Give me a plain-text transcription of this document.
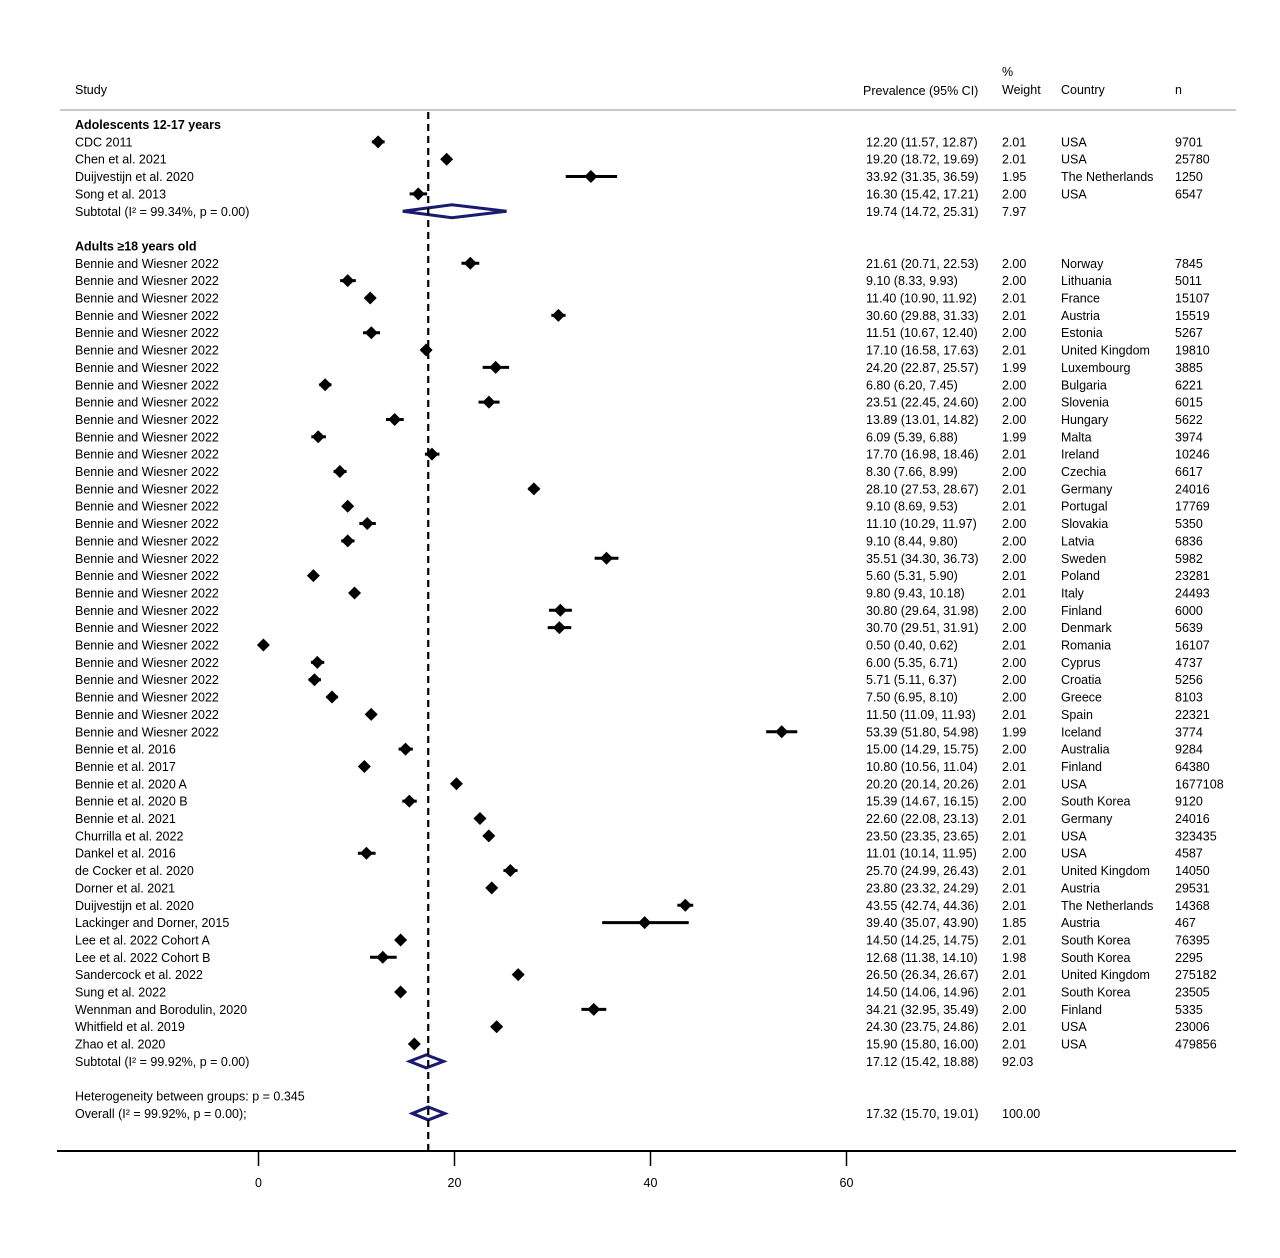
Study	Prevalence (95% CI)
%
Weight Country	n
Adolescents 12-17 years
CDC 2011	12.20 (11.57, 12.87) 2.01	USA	9701
Chen et al. 2021	19.20 (18.72, 19.69) 2.01	USA	25780
Duijvestijn et al. 2020	33.92 (31.35, 36.59) 1.95	The Netherlands 1250
Song et al. 2013	16.30 (15.42, 17.21) 2.00	USA	6547
Subtotal (I² = 99.34%, p = 0.00)	19.74 (14.72, 25.31) 7.97
Adults ≥18 years old
Bennie and Wiesner 2022	21.61 (20.71, 22.53) 2.00	Norway	7845
Bennie and Wiesner 2022	9.10 (8.33, 9.93)	2.00	Lithuania	5011
Bennie and Wiesner 2022	11.40 (10.90, 11.92) 2.01	France	15107
Bennie and Wiesner 2022	30.60 (29.88, 31.33) 2.01	Austria	15519
Bennie and Wiesner 2022	11.51 (10.67, 12.40) 2.00	Estonia	5267
Bennie and Wiesner 2022	17.10 (16.58, 17.63) 2.01	United Kingdom 19810
Bennie and Wiesner 2022	24.20 (22.87, 25.57) 1.99	Luxembourg	3885
Bennie and Wiesner 2022	6.80 (6.20, 7.45)	2.00	Bulgaria	6221
Bennie and Wiesner 2022	23.51 (22.45, 24.60) 2.00	Slovenia	6015
Bennie and Wiesner 2022	13.89 (13.01, 14.82) 2.00	Hungary	5622
Bennie and Wiesner 2022	6.09 (5.39, 6.88)	1.99	Malta	3974
Bennie and Wiesner 2022	17.70 (16.98, 18.46) 2.01	Ireland	10246
Bennie and Wiesner 2022	8.30 (7.66, 8.99)	2.00	Czechia	6617
Bennie and Wiesner 2022	28.10 (27.53, 28.67) 2.01	Germany	24016
Bennie and Wiesner 2022	9.10 (8.69, 9.53)	2.01	Portugal	17769
Bennie and Wiesner 2022	11.10 (10.29, 11.97) 2.00	Slovakia	5350
Bennie and Wiesner 2022	9.10 (8.44, 9.80)	2.00	Latvia	6836
Bennie and Wiesner 2022	35.51 (34.30, 36.73) 2.00	Sweden	5982
Bennie and Wiesner 2022	5.60 (5.31, 5.90)	2.01	Poland	23281
Bennie and Wiesner 2022	9.80 (9.43, 10.18)	2.01	Italy	24493
Bennie and Wiesner 2022	30.80 (29.64, 31.98) 2.00	Finland	6000
Bennie and Wiesner 2022	30.70 (29.51, 31.91) 2.00	Denmark	5639
Bennie and Wiesner 2022	0.50 (0.40, 0.62)	2.01	Romania	16107
Bennie and Wiesner 2022	6.00 (5.35, 6.71)	2.00	Cyprus	4737
Bennie and Wiesner 2022	5.71 (5.11, 6.37)	2.00	Croatia	5256
Bennie and Wiesner 2022	7.50 (6.95, 8.10)	2.00	Greece	8103
Bennie and Wiesner 2022	11.50 (11.09, 11.93) 2.01	Spain	22321
Bennie and Wiesner 2022	53.39 (51.80, 54.98) 1.99	Iceland	3774
Bennie et al. 2016	15.00 (14.29, 15.75) 2.00	Australia	9284
Bennie et al. 2017	10.80 (10.56, 11.04) 2.01	Finland	64380
Bennie et al. 2020 A	20.20 (20.14, 20.26) 2.01	USA	1677108
Bennie et al. 2020 B	15.39 (14.67, 16.15) 2.00	South Korea	9120
Bennie et al. 2021	22.60 (22.08, 23.13) 2.01	Germany	24016
Churrilla et al. 2022	23.50 (23.35, 23.65) 2.01	USA	323435
Dankel et al. 2016	11.01 (10.14, 11.95) 2.00	USA	4587
de Cocker et al. 2020	25.70 (24.99, 26.43) 2.01	United Kingdom 14050
Dorner et al. 2021	23.80 (23.32, 24.29) 2.01	Austria	29531
Duijvestijn et al. 2020	43.55 (42.74, 44.36) 2.01	The Netherlands 14368
Lackinger and Dorner, 2015	39.40 (35.07, 43.90) 1.85	Austria	467
Lee et al. 2022 Cohort A	14.50 (14.25, 14.75) 2.01	South Korea	76395
Lee et al. 2022 Cohort B	12.68 (11.38, 14.10) 1.98	South Korea	2295
Sandercock et al. 2022	26.50 (26.34, 26.67) 2.01	United Kingdom 275182
Sung et al. 2022	14.50 (14.06, 14.96) 2.01	South Korea	23505
Wennman and Borodulin, 2020	34.21 (32.95, 35.49) 2.00	Finland	5335
Whitfield et al. 2019	24.30 (23.75, 24.86) 2.01	USA	23006
Zhao et al. 2020	15.90 (15.80, 16.00) 2.01	USA	479856
Subtotal (I² = 99.92%, p = 0.00)	17.12 (15.42, 18.88) 92.03
Heterogeneity between groups: p = 0.345
Overall (I² = 99.92%, p = 0.00);	17.32 (15.70, 19.01) 100.00
0	20	40	60
